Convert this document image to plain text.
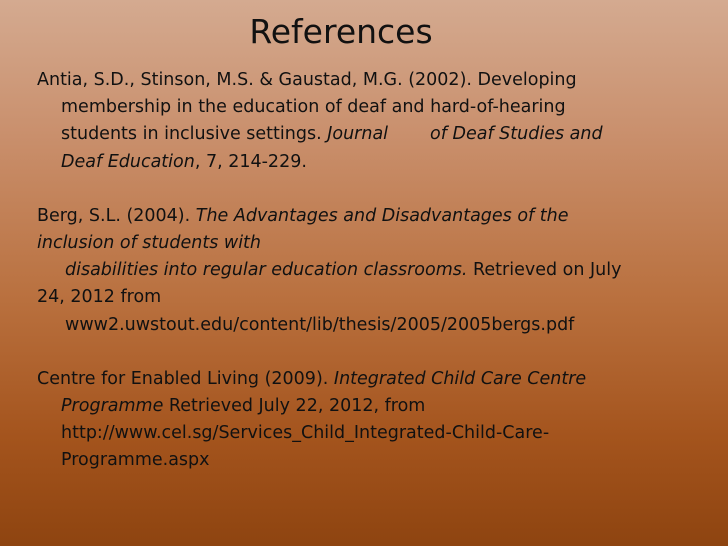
References
Antia, S.D., Stinson, M.S. & Gaustad, M.G. (2002). Developing
membership in the education of deaf and hard-of-hearing
students in inclusive settings. Journal of Deaf Studies and
Deaf Education, 7, 214-229.
Berg, S.L. (2004). The Advantages and Disadvantages of the
inclusion of students with
disabilities into regular education classrooms. Retrieved on July
24, 2012 from
www2.uwstout.edu/content/lib/thesis/2005/2005bergs.pdf
Centre for Enabled Living (2009). Integrated Child Care Centre
Programme Retrieved July 22, 2012, from
http://www.cel.sg/Services_Child_Integrated-Child-Care-
Programme.aspx
